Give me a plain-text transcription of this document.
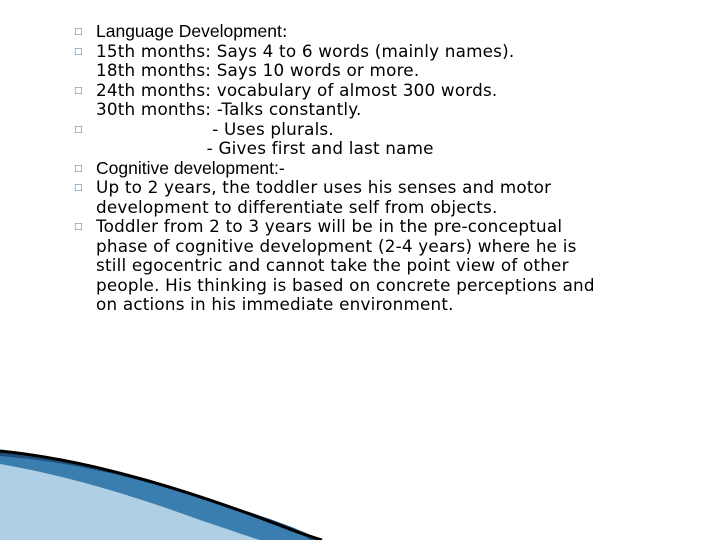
□ Language Development:
□ 15th months: Says 4 to 6 words (mainly names).
18th months: Says 10 words or more.
□ 24th months: vocabulary of almost 300 words.
30th months: -Talks constantly.
□ - Uses plurals.
- Gives first and last name
□ Cognitive development:-
□ Up to 2 years, the toddler uses his senses and motor
development to differentiate self from objects.
□ Toddler from 2 to 3 years will be in the pre-conceptual
phase of cognitive development (2-4 years) where he is
still egocentric and cannot take the point view of other
people. His thinking is based on concrete perceptions and
on actions in his immediate environment.
